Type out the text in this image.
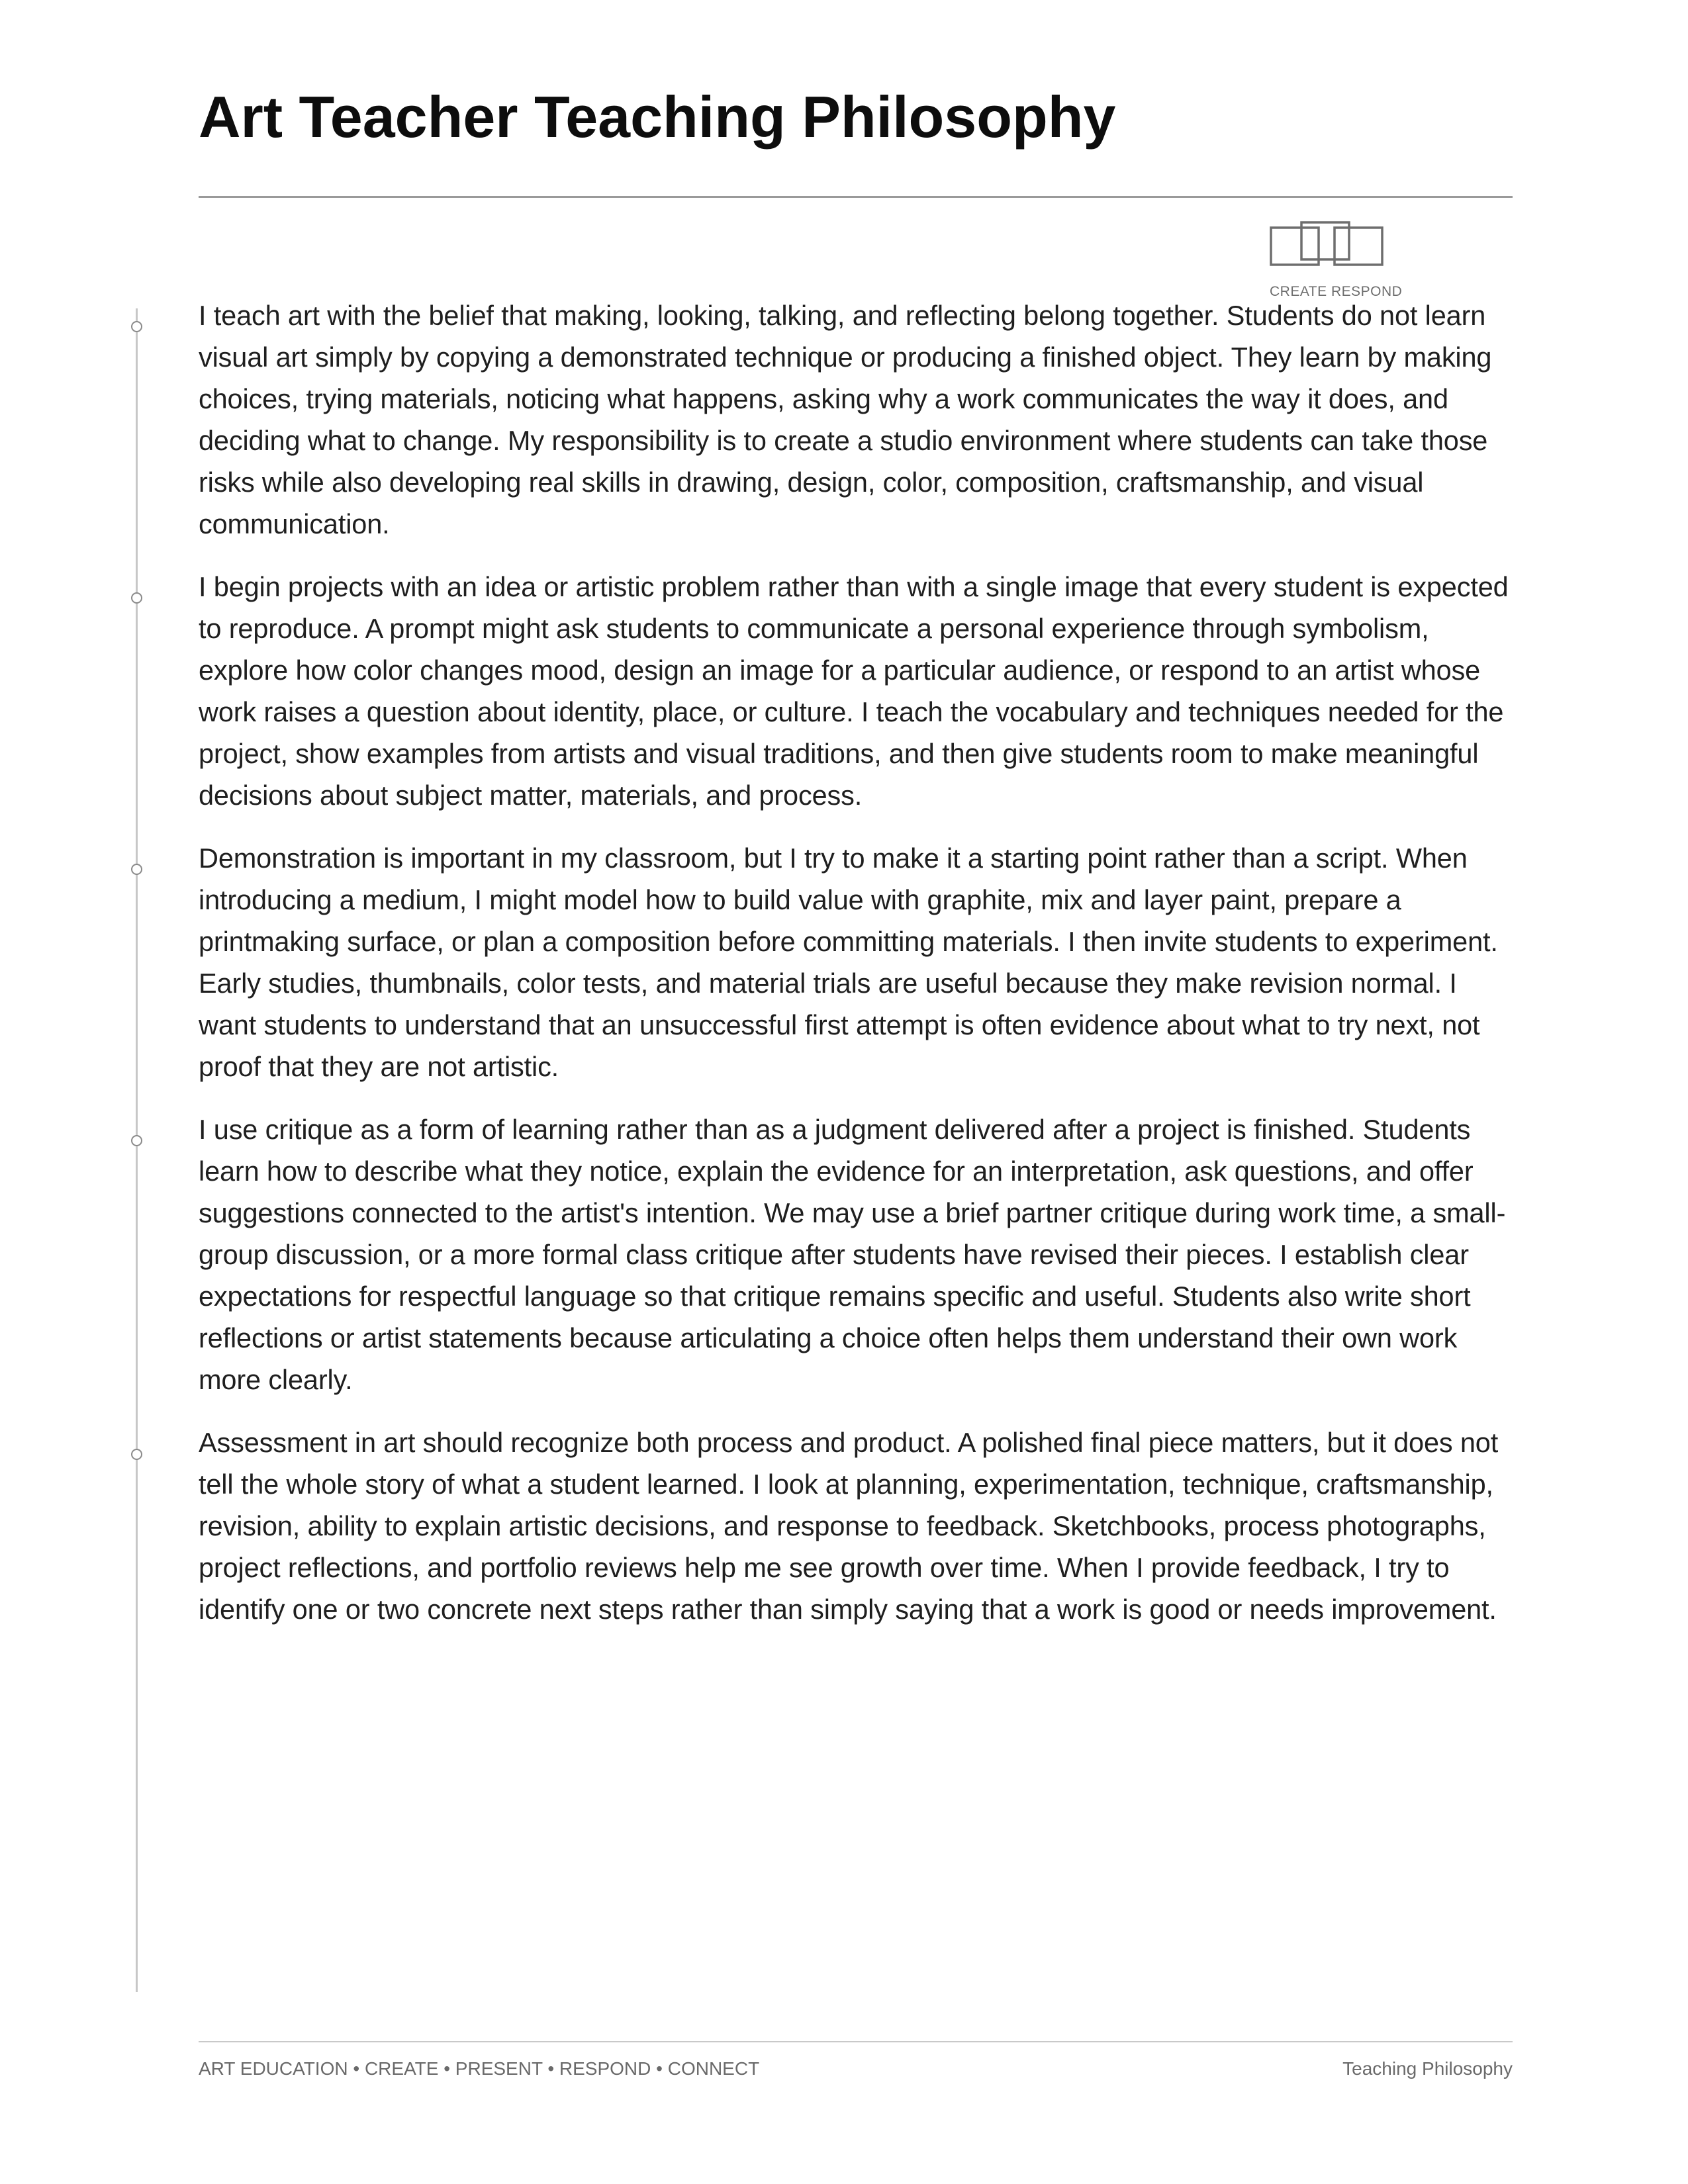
Art Teacher Teaching Philosophy
CREATE RESPOND

I teach art with the belief that making, looking, talking, and reflecting belong together. Students do not learn visual art simply by copying a demonstrated technique or producing a finished object. They learn by making choices, trying materials, noticing what happens, asking why a work communicates the way it does, and deciding what to change. My responsibility is to create a studio environment where students can take those risks while also developing real skills in drawing, design, color, composition, craftsmanship, and visual communication.

I begin projects with an idea or artistic problem rather than with a single image that every student is expected to reproduce. A prompt might ask students to communicate a personal experience through symbolism, explore how color changes mood, design an image for a particular audience, or respond to an artist whose work raises a question about identity, place, or culture. I teach the vocabulary and techniques needed for the project, show examples from artists and visual traditions, and then give students room to make meaningful decisions about subject matter, materials, and process.

Demonstration is important in my classroom, but I try to make it a starting point rather than a script. When introducing a medium, I might model how to build value with graphite, mix and layer paint, prepare a printmaking surface, or plan a composition before committing materials. I then invite students to experiment. Early studies, thumbnails, color tests, and material trials are useful because they make revision normal. I want students to understand that an unsuccessful first attempt is often evidence about what to try next, not proof that they are not artistic.

I use critique as a form of learning rather than as a judgment delivered after a project is finished. Students learn how to describe what they notice, explain the evidence for an interpretation, ask questions, and offer suggestions connected to the artist's intention. We may use a brief partner critique during work time, a small-group discussion, or a more formal class critique after students have revised their pieces. I establish clear expectations for respectful language so that critique remains specific and useful. Students also write short reflections or artist statements because articulating a choice often helps them understand their own work more clearly.

Assessment in art should recognize both process and product. A polished final piece matters, but it does not tell the whole story of what a student learned. I look at planning, experimentation, technique, craftsmanship, revision, ability to explain artistic decisions, and response to feedback. Sketchbooks, process photographs, project reflections, and portfolio reviews help me see growth over time. When I provide feedback, I try to identify one or two concrete next steps rather than simply saying that a work is good or needs improvement.

ART EDUCATION • CREATE • PRESENT • RESPOND • CONNECT	Teaching Philosophy
